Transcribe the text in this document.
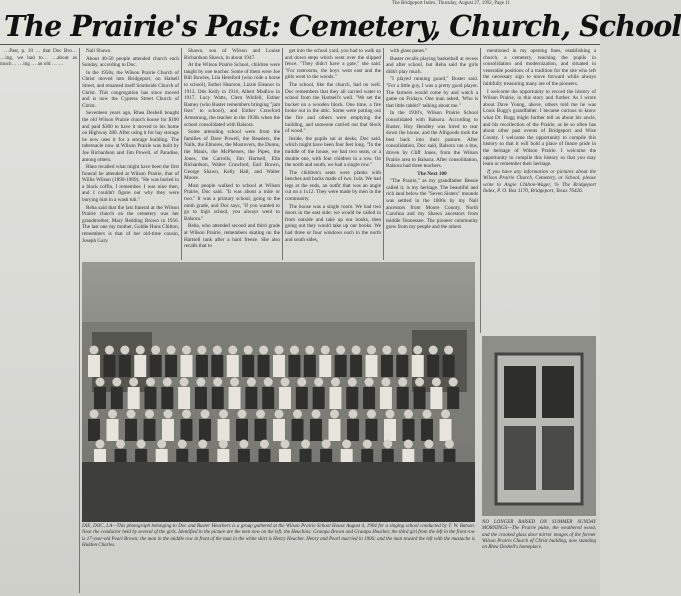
The Bridgeport Index, Thursday, August 27, 1992, Page 11
The Prairie's Past: Cemetery, Church, School

…Past, p. 10 … that Doc Bro… …ing, we had to… …about as much… …ing … an old … …

Nall Shawn.

About 40-50 people attended church each Sunday, according to Doc.

In the 1950s, the Wilson Prairie Church of Christ moved into Bridgeport, on Halsell Street, and renamed itself Southside Church of Christ. This congregation has since moved and is now the Cypress Street Church of Christ.

Seventeen years ago, Rhea Deshell bought the old Wilson Prairie church house for $100 and paid $300 to have it moved to his home on Highway 380. After using it for hay storage he now uses it for a storage building. The tabernacle now at Wilson Prairie was built by Joe Richardson and Jim Powell, of Paradise, among others.

Rhea recalled what might have been the first funeral he attended at Wilson Prairie, that of Willie Wilson (1890-1909). "He was buried in a black coffin, I remember. I was nine then, and I couldn't figure out why they were burying him in a wash tub."

Reba said that the last funeral at the Wilson Prairie church on the cemetery was her grandmother, Mary Redding Brown in 1956. The last one my mother, Goldie Huns Chilton, remembers is that of her old-time cousin, Joseph Gary

Shawn, son of Wilson and Louise Richardson Shawn, in about 1947.

At the Wilson Prairie School, children were taught by one teacher. Some of them were Joe Bill Bowles, Lila Hereford (who rode a horse to school), Esther Hearson, Lizzie Eleanor in 1913, Otis Kelly in 1916, Albert Madlow in 1917, Lucy Watts, Clem Winfell, Esther Ramey (who Buster remembers bringing "jam fists" to school), and Esther Crawford Armstrong, the teacher in the 1930s when the school consolidated with Balsora.

Some attending school were from the families of Dave Powell, the Reaslers, the Nalls, the Elmores, the Mostovers, the Dunns, the Mauls, the McPherses, the Pipes, the Jones, the Carrolls, Jim Hartsell, Ella Richardson, Walter Crawford, Earl Brown, George Shawn, Kelly Hall, and Walter Moore.

Most people walked to school at Wilson Prairie, Doc said. "It was about a mile or two." It was a primary school, going to the ninth grade, and Doc says, "if you wanted to go to high school, you always went to Balsora."

Reba, who attended second and third grade at Wilson Prairie, remembers skating on the Hartsell tank after a hard freeze. She also recalls that to

get into the school yard, you had to walk up and down steps which went over the slipped fence. "They didn't have a gate," she said. "For restrooms, the boys went east and the girls went to the woods."

The school, like the church, had no well. Doc remembers that they all carried water to school from the Hartsell's well. "We set the bucket on a wooden block. One time, a fire broke out in the attic. Some were putting out the fire and others were emptying the building, and someone carried out that block of wood."

Inside, the pupils sat at desks, Doc said, which might have been four feet long. "In the middle of the house, we had two seats, or a double one, with four children in a row. On the north and south, we had a single row."

The children's seats were planks with benches and backs made of two 1x4s. We had legs at the ends, an outfit that was an angle cut on a 1x12. They were made by men in the community.

The house was a single room. We had two doors in the east side; we would be called in from outside and take up our books, then going out they would take up our books. We had three or four windows each in the north and south sides,

with glass panes."

Buster recalls playing basketball at recess and after school, but Reba said the girls didn't play much.

"I played running guard," Buster said. "For a little guy, I was a pretty good player. The farmers would come by and watch a game on Fridays. One man asked, 'Who is that little rabbit?' talking about me."

In the 1930's, Wilson Prairie School consolidated with Balsora. According to Buster, Hoy Hendley was hired to tear down the house, and the Alligoods took the best back into their pasture. After consolidation, Doc said, Balsora ran a bus, driven by Cliff Jones, from the Wilson Prairie area to Balsora. After consolidation, Balsora had three teachers.

The Next 100

"The Prairie," as my grandfather Bessie called it, is my heritage. The beautiful and rich land below the "Seven Sisters" mounds was settled in the 1800s by my Nall ancestors from Moore County, North Carolina and my Shawn ancestors from middle Tennessee. The pioneer community grew from my people and the others

mentioned in my opening lines, establishing a church, a cemetery, teaching the pupils in consolidation and modernization, and situated in venerable positions of a tradition for the site who left the necessary sign to move forward while always faithfully treasuring many are of the pioneers.

I welcome the opportunity to record the history of Wilson Prairie, in this story and further. As I wrote about Dave Young, above, others told me he was Louis Bugg's grandfather. I became curious to know what Dr. Bugg might further tell us about his uncle, and his recollection of the Prairie, as he so often has about other past events of Bridgeport and Wise County. I welcome the opportunity to compile this history so that it will hold a place of future pride in the heritage of Wilson Prairie. I welcome the opportunity to compile this history so that you may learn or remember their heritage.

If you have any information or pictures about the Wilson Prairie Church, Cemetery, or School, please write to Angie Chilton-Wager, % The Bridgeport Index, P. O. Box 1170, Bridgeport, Texas 76426.

DIE, DOC, LA—This photograph belonging to Doc and Buster Heuchers is a group gathered at the Wilson Prairie School House August 4, 1904 for a singing school conducted by T. W. Batson. Near the conductor held by several of the girls. Identified in the picture are the men now on the left, the Heuchins: Grampa Brown and Grampa Heucher, the third girl from the left in the front row is 17-year-old Pearl Brown; the man in the middle row in front of the man in the white shirt is Henry Heucher. Henry and Pearl married in 1906; and the man toward the left with the mustache is Huldon Charles.
NO LONGER RAISED ON SUMMER SUNDAY MORNINGS—The Prairie pulse, the weathered wood, and the crooked glass door mirror images of the former Wilson Prairie Church of Christ building, now standing on Rhea Deshell's homeplace.
